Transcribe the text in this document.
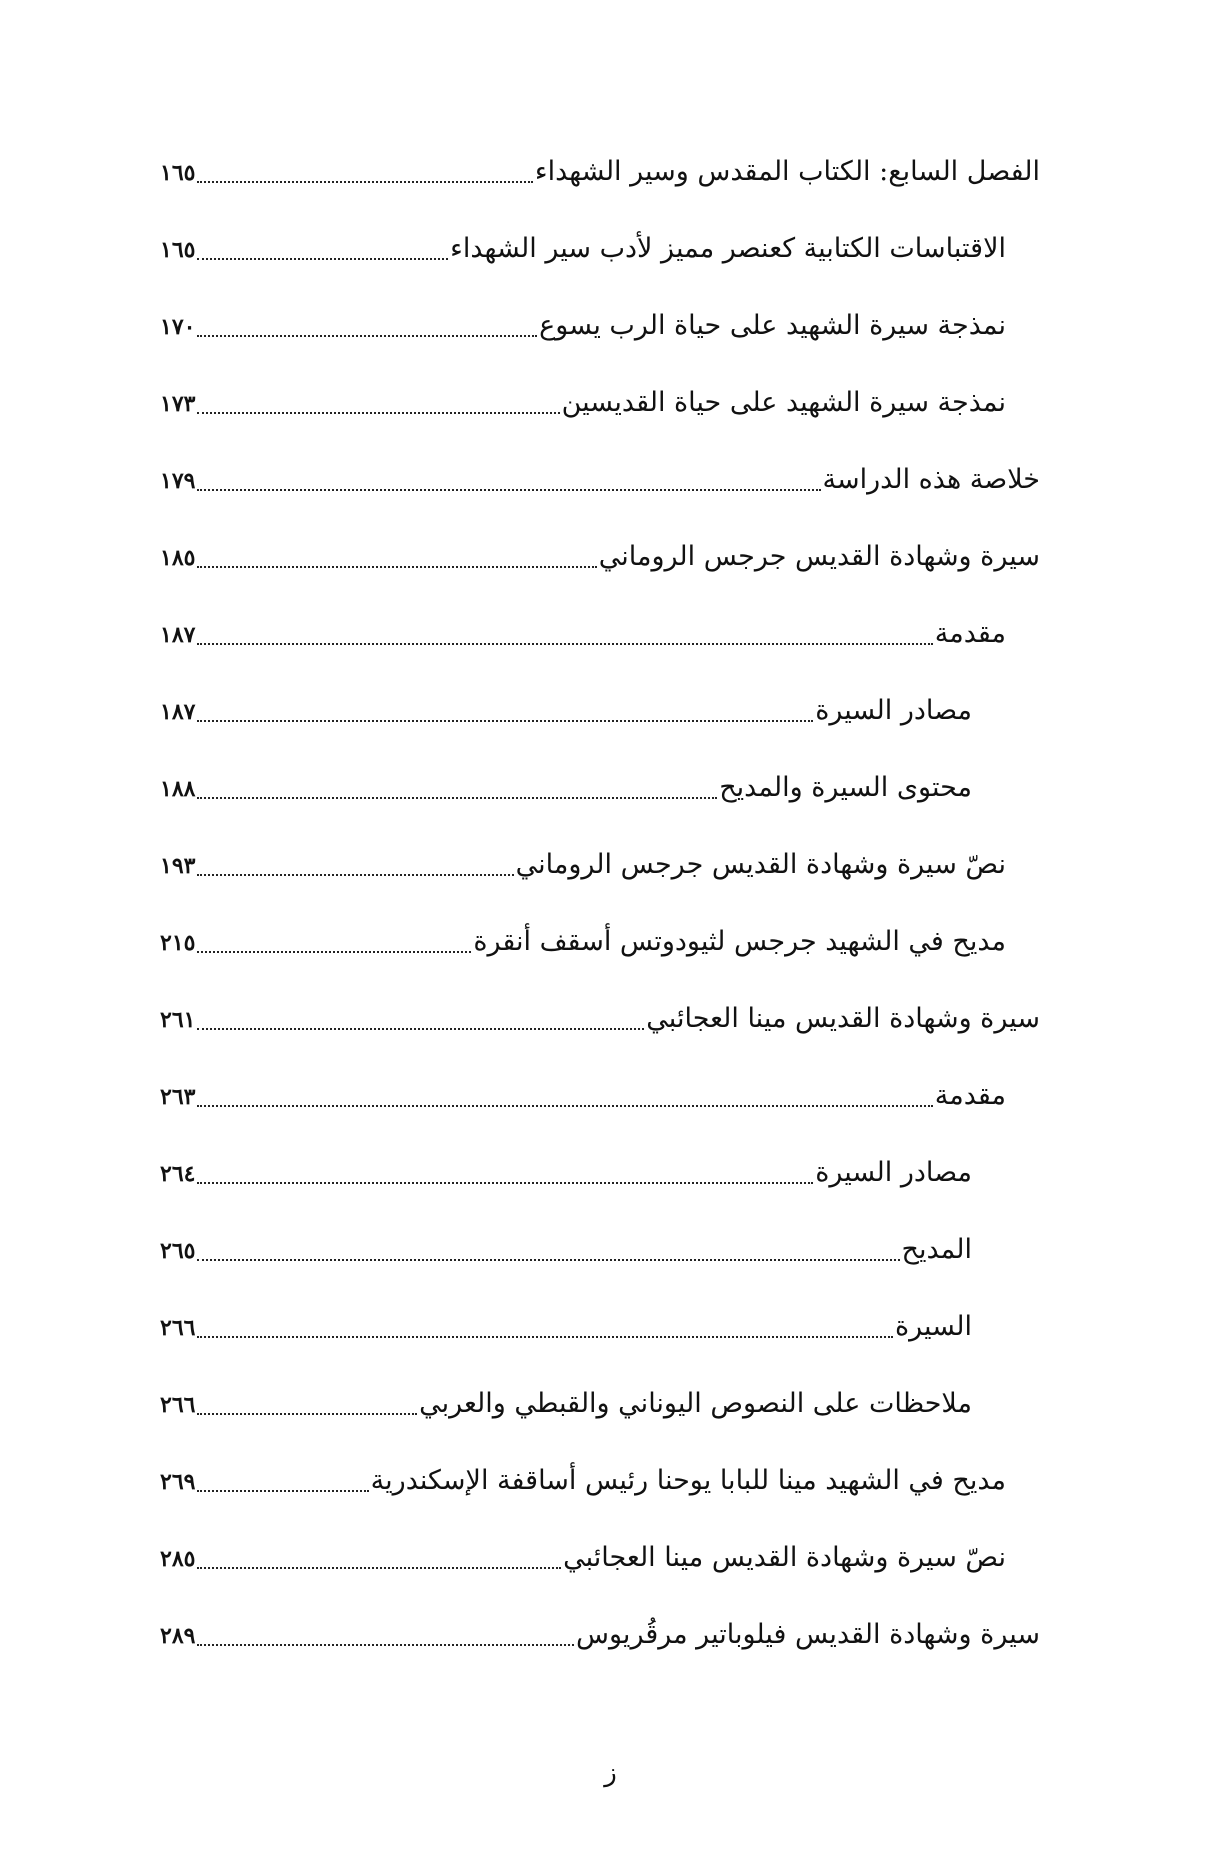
الفصل السابع: الكتاب المقدس وسير الشهداء
١٦٥
الاقتباسات الكتابية كعنصر مميز لأدب سير الشهداء
١٦٥
نمذجة سيرة الشهيد على حياة الرب يسوع
١٧٠
نمذجة سيرة الشهيد على حياة القديسين
١٧٣
خلاصة هذه الدراسة
١٧٩
سيرة وشهادة القديس جرجس الروماني
١٨٥
مقدمة
١٨٧
مصادر السيرة
١٨٧
محتوى السيرة والمديح
١٨٨
نصّ سيرة وشهادة القديس جرجس الروماني
١٩٣
مديح في الشهيد جرجس لثيودوتس أسقف أنقرة
٢١٥
سيرة وشهادة القديس مينا العجائبي
٢٦١
مقدمة
٢٦٣
مصادر السيرة
٢٦٤
المديح
٢٦٥
السيرة
٢٦٦
ملاحظات على النصوص اليوناني والقبطي والعربي
٢٦٦
مديح في الشهيد مينا للبابا يوحنا رئيس أساقفة الإسكندرية
٢٦٩
نصّ سيرة وشهادة القديس مينا العجائبي
٢٨٥
سيرة وشهادة القديس فيلوباتير مرقُريوس
٢٨٩
ز
